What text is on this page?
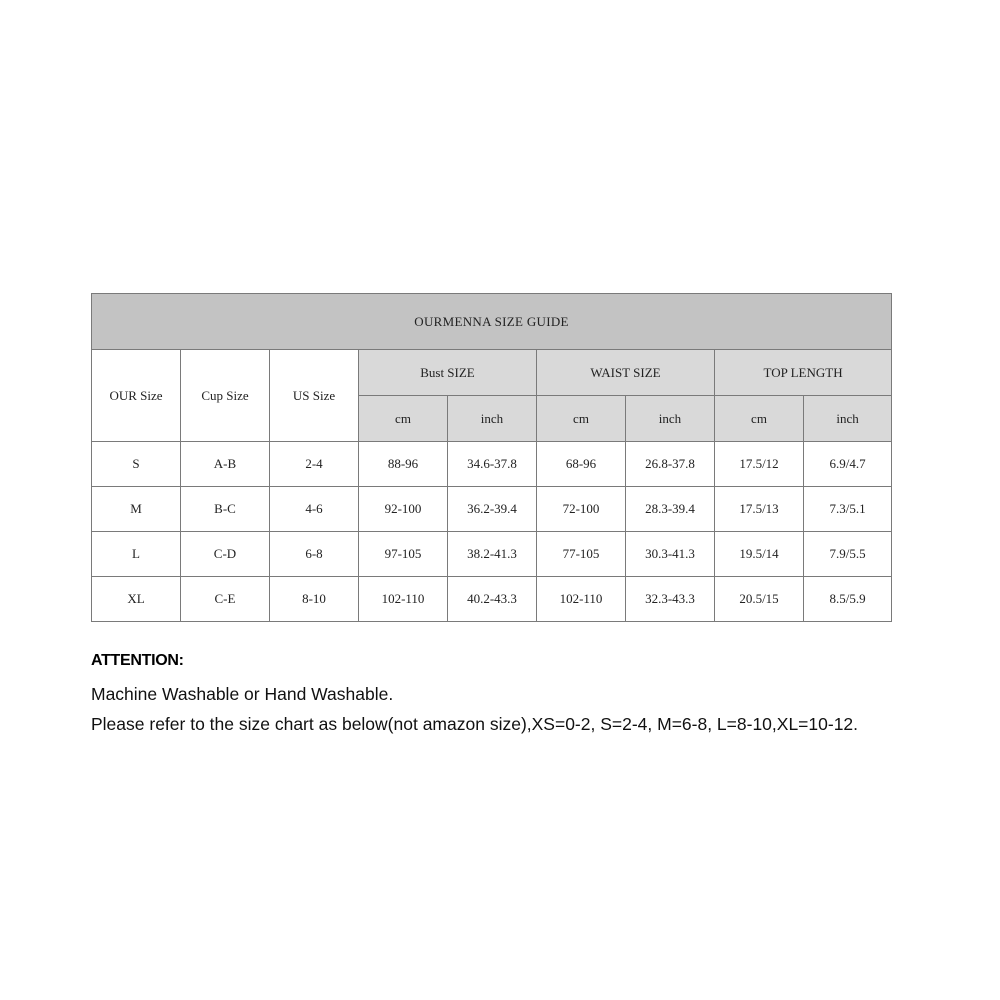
OURMENNA SIZE GUIDE								
OUR Size	Cup Size	US Size	Bust SIZE		WAIST SIZE		TOP LENGTH	
			cm	inch	cm	inch	cm	inch
S	A-B	2-4	88-96	34.6-37.8	68-96	26.8-37.8	17.5/12	6.9/4.7
M	B-C	4-6	92-100	36.2-39.4	72-100	28.3-39.4	17.5/13	7.3/5.1
L	C-D	6-8	97-105	38.2-41.3	77-105	30.3-41.3	19.5/14	7.9/5.5
XL	C-E	8-10	102-110	40.2-43.3	102-110	32.3-43.3	20.5/15	8.5/5.9
ATTENTION:
Machine Washable or Hand Washable.
Please refer to the size chart as below(not amazon size),XS=0-2, S=2-4, M=6-8, L=8-10,XL=10-12.
